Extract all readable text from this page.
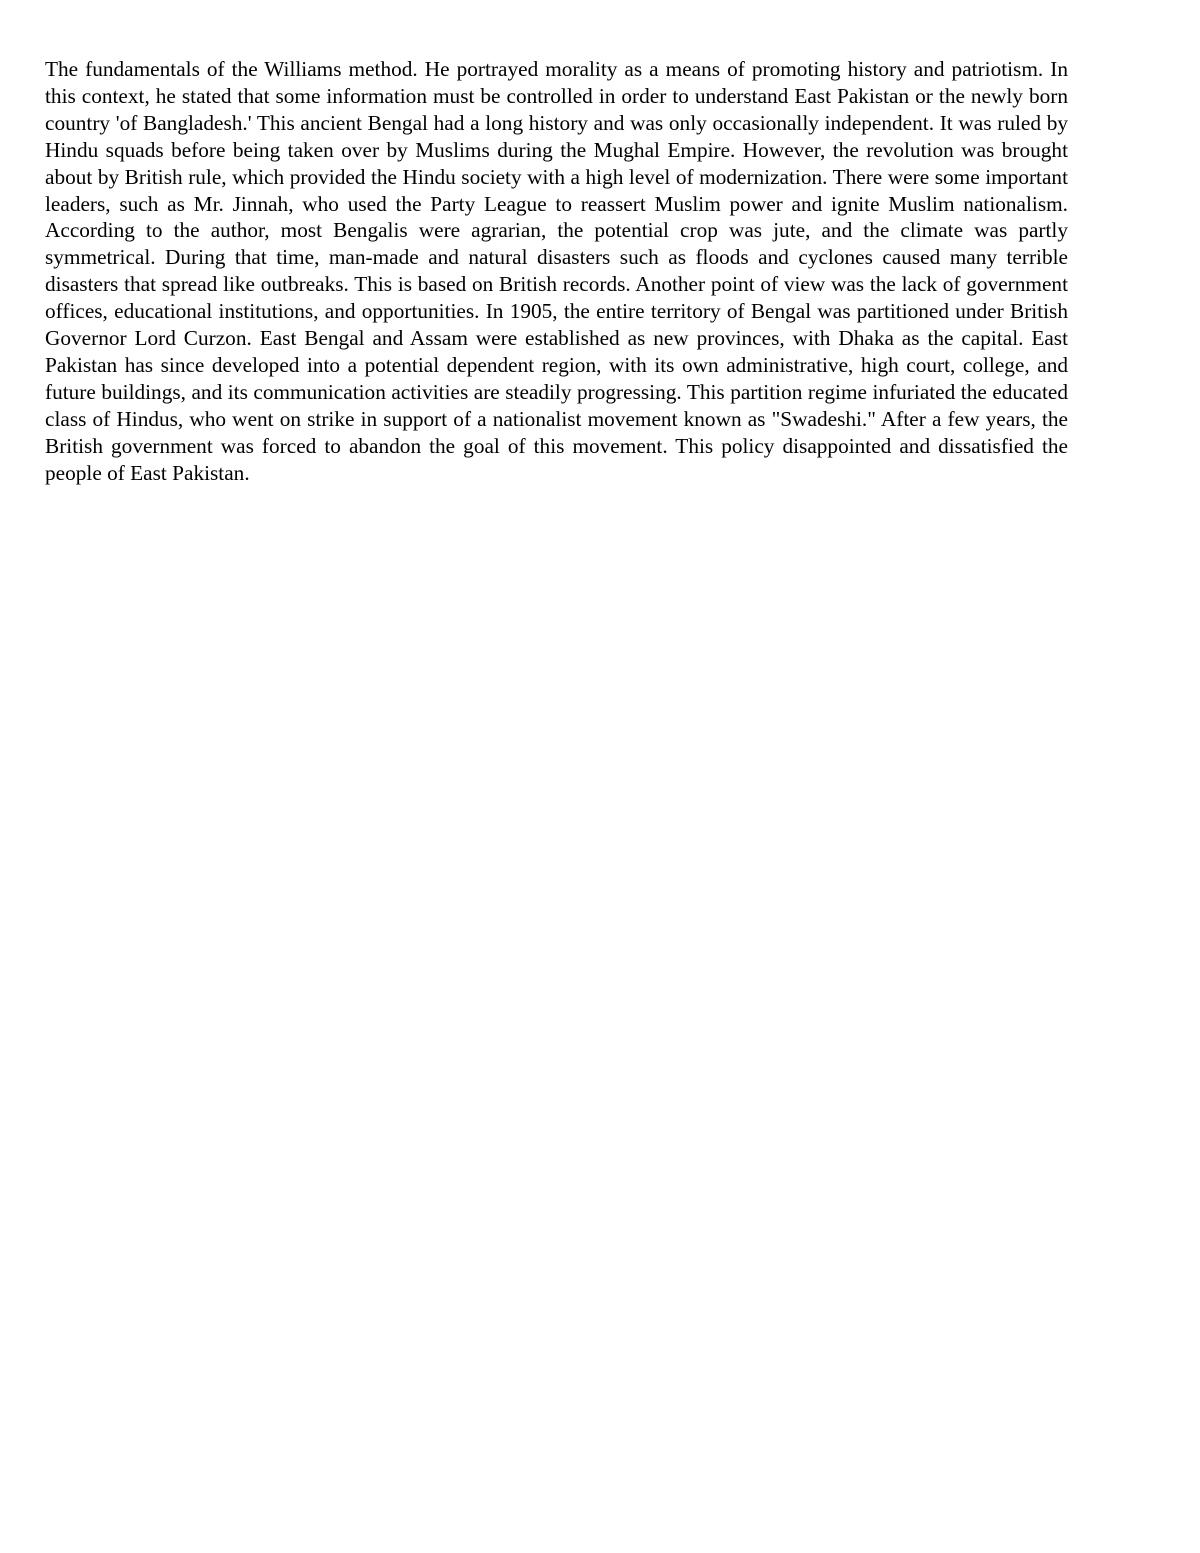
The fundamentals of the Williams method. He portrayed morality as a means of promoting history and patriotism. In this context, he stated that some information must be controlled in order to understand East Pakistan or the newly born country 'of Bangladesh.' This ancient Bengal had a long history and was only occasionally independent. It was ruled by Hindu squads before being taken over by Muslims during the Mughal Empire. However, the revolution was brought about by British rule, which provided the Hindu society with a high level of modernization. There were some important leaders, such as Mr. Jinnah, who used the Party League to reassert Muslim power and ignite Muslim nationalism. According to the author, most Bengalis were agrarian, the potential crop was jute, and the climate was partly symmetrical. During that time, man-made and natural disasters such as floods and cyclones caused many terrible disasters that spread like outbreaks. This is based on British records. Another point of view was the lack of government offices, educational institutions, and opportunities. In 1905, the entire territory of Bengal was partitioned under British Governor Lord Curzon. East Bengal and Assam were established as new provinces, with Dhaka as the capital. East Pakistan has since developed into a potential dependent region, with its own administrative, high court, college, and future buildings, and its communication activities are steadily progressing. This partition regime infuriated the educated class of Hindus, who went on strike in support of a nationalist movement known as "Swadeshi." After a few years, the British government was forced to abandon the goal of this movement. This policy disappointed and dissatisfied the people of East Pakistan.
